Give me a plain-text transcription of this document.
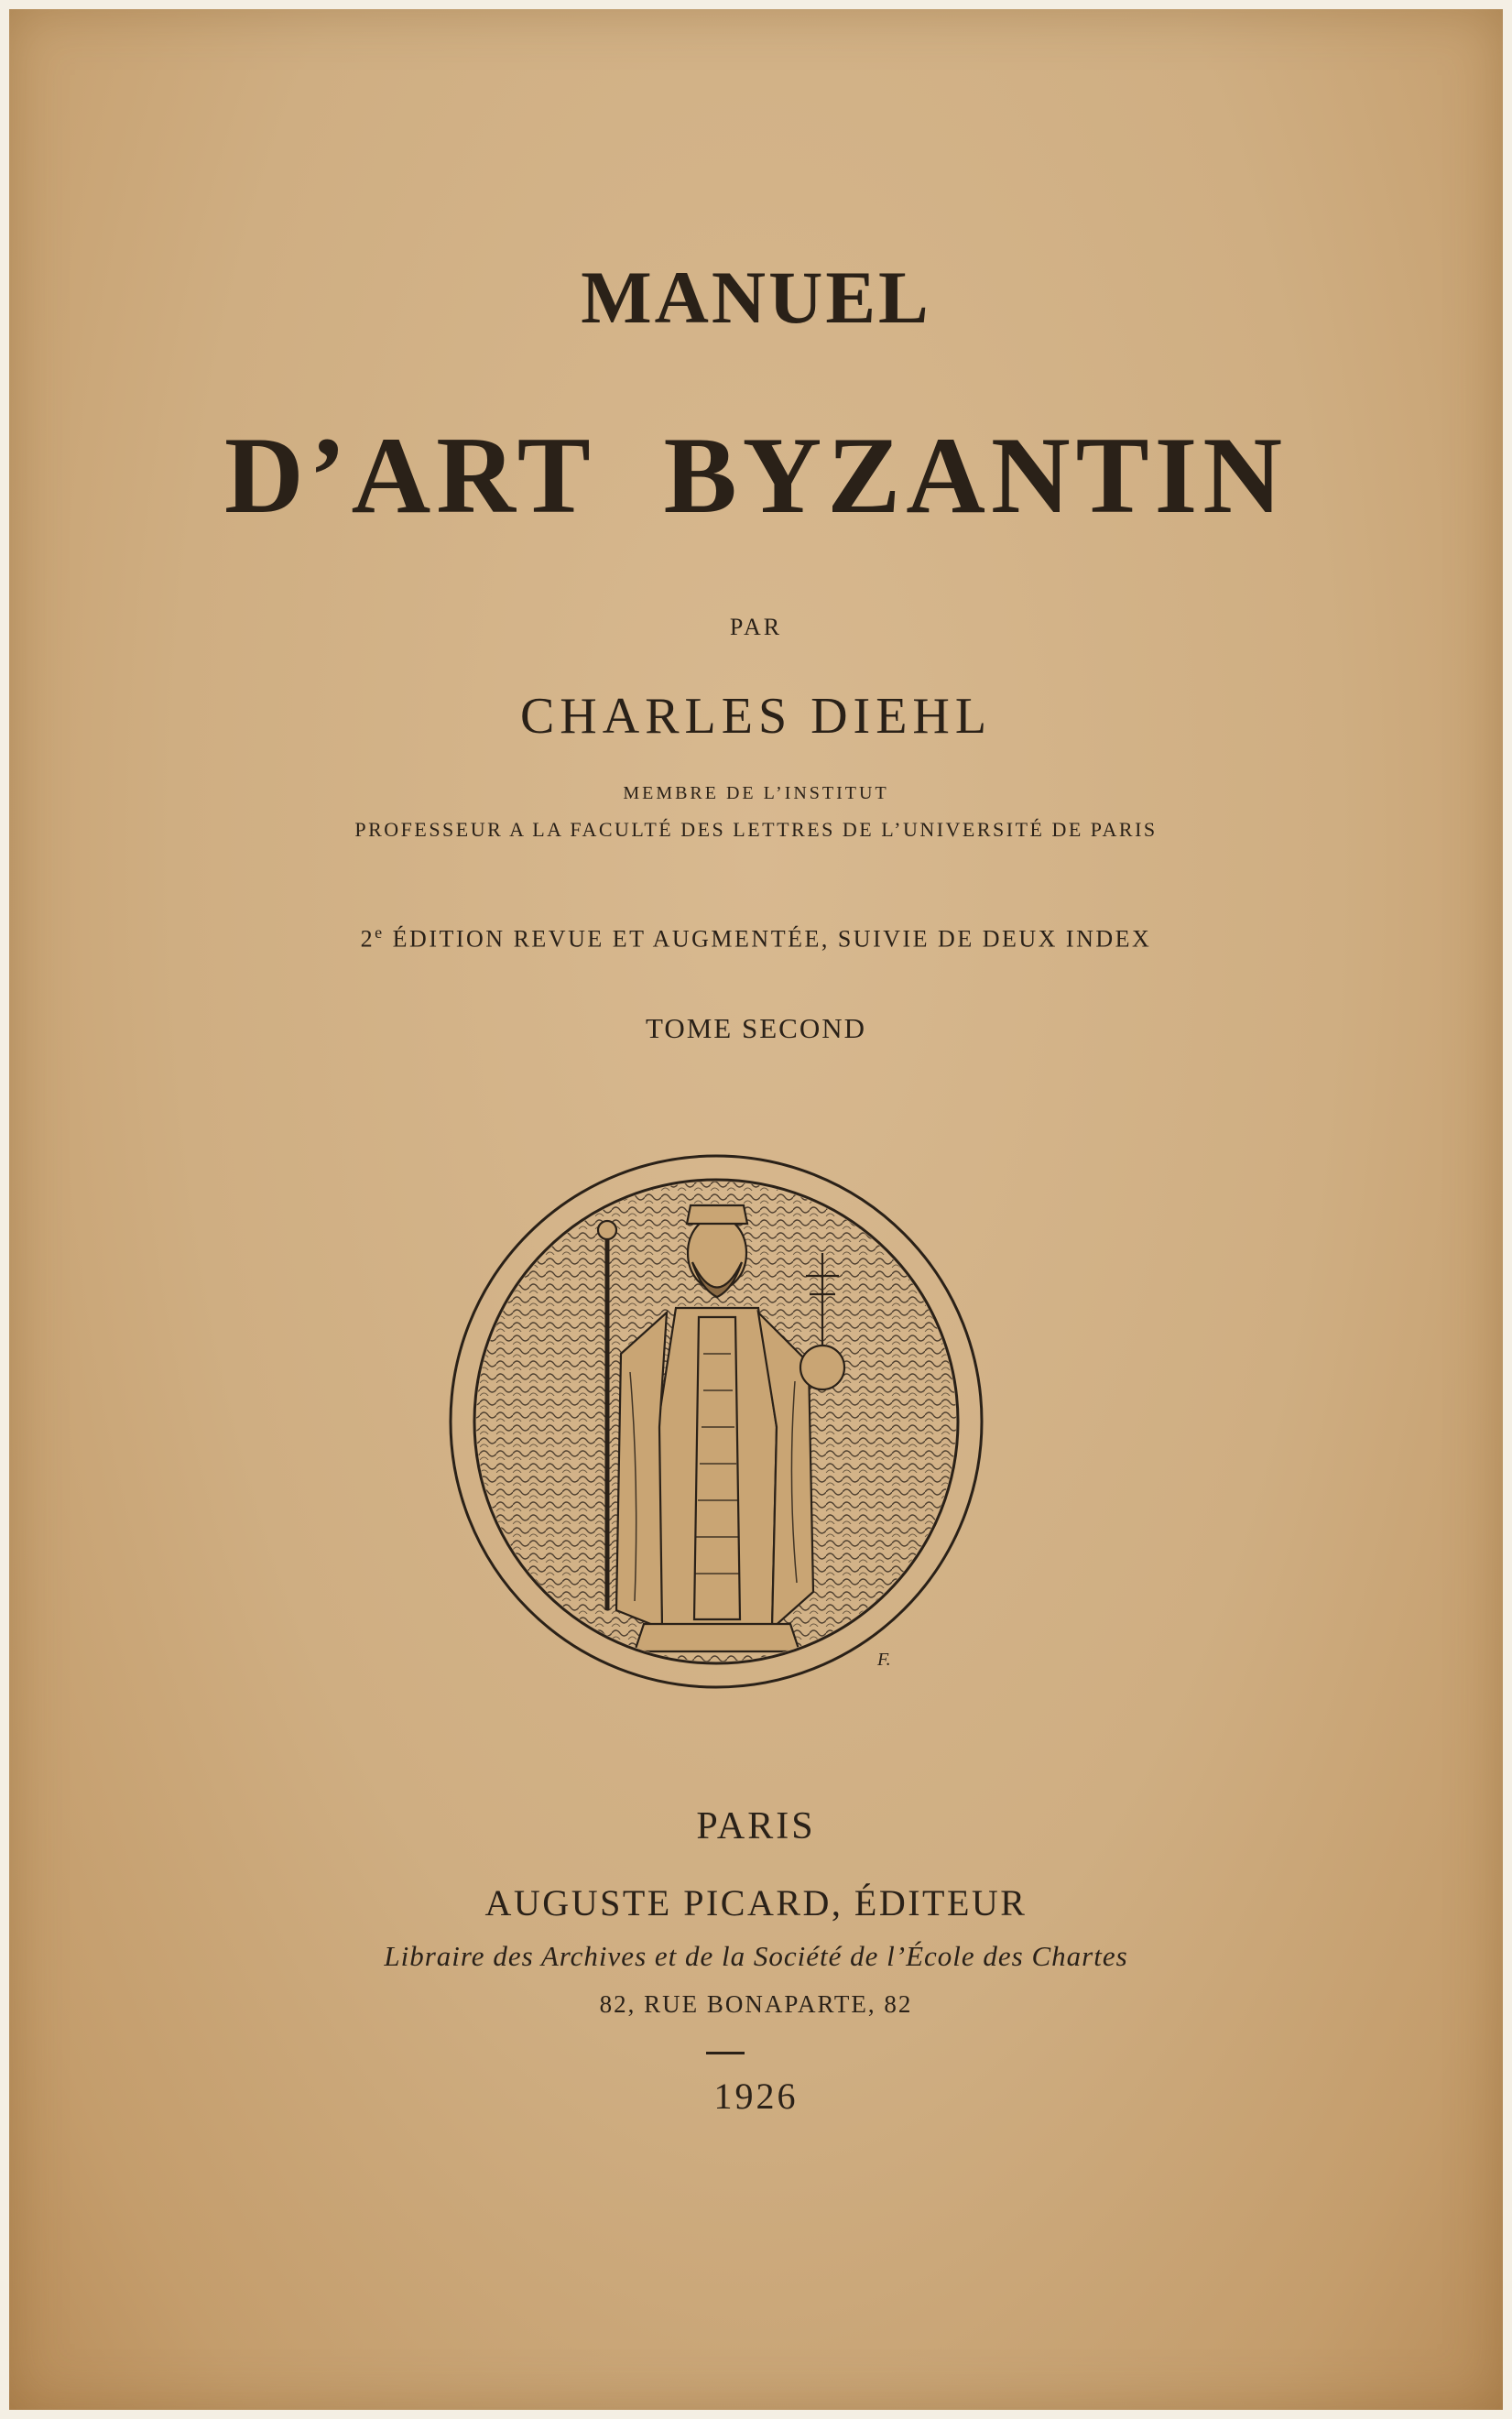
MANUEL
D’ART BYZANTIN
PAR
CHARLES DIEHL
MEMBRE DE L’INSTITUT
PROFESSEUR A LA FACULTÉ DES LETTRES DE L’UNIVERSITÉ DE PARIS
2e ÉDITION REVUE ET AUGMENTÉE, SUIVIE DE DEUX INDEX
TOME SECOND
F.
PARIS
AUGUSTE PICARD, ÉDITEUR
Libraire des Archives et de la Société de l’École des Chartes
82, RUE BONAPARTE, 82
1926
